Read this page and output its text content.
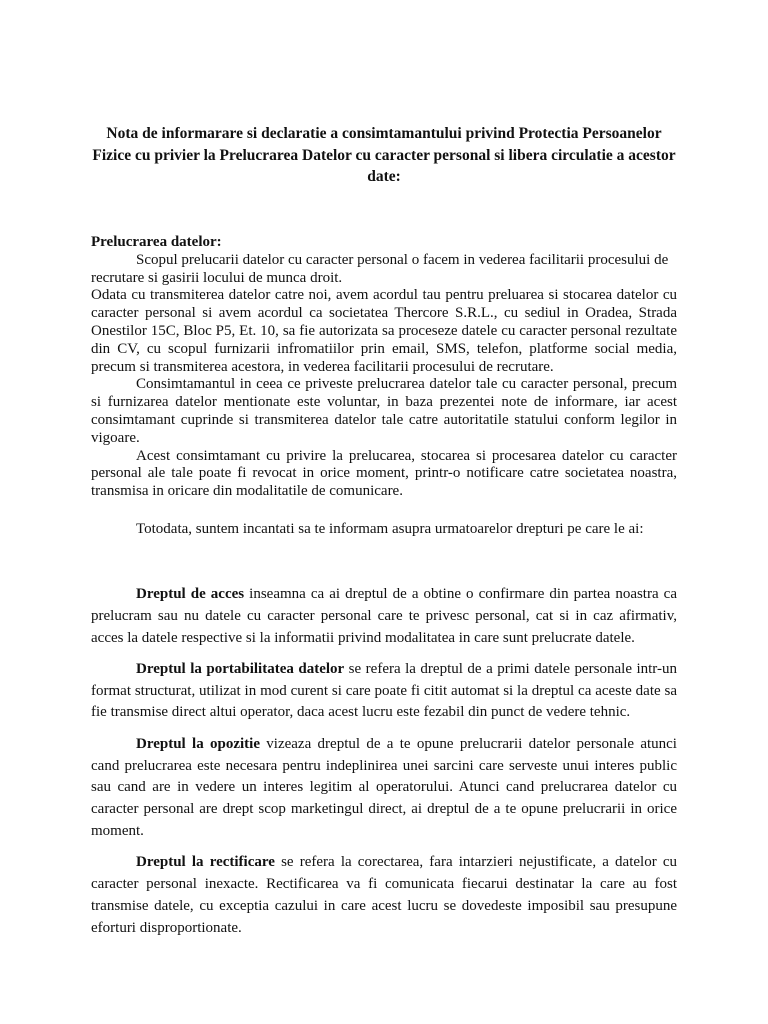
Nota de informarare si declaratie a consimtamantului privind Protectia Persoanelor
Fizice cu privier la Prelucrarea Datelor cu caracter personal si libera circulatie a acestor
date:

Prelucrarea datelor:

Scopul prelucarii datelor cu caracter personal o facem in vederea facilitarii procesului de recrutare si gasirii locului de munca droit.

Odata cu transmiterea datelor catre noi, avem acordul tau pentru preluarea si stocarea datelor cu caracter personal si avem acordul ca societatea Thercore S.R.L., cu sediul in Oradea, Strada Onestilor 15C, Bloc P5, Et. 10, sa fie autorizata sa proceseze datele cu caracter personal rezultate din CV, cu scopul furnizarii infromatiilor prin email, SMS, telefon, platforme social media, precum si transmiterea acestora, in vederea facilitarii procesului de recrutare.

Consimtamantul in ceea ce priveste prelucrarea datelor tale cu caracter personal, precum si furnizarea datelor mentionate este voluntar, in baza prezentei note de informare, iar acest consimtamant cuprinde si transmiterea datelor tale catre autoritatile statului conform legilor in vigoare.

Acest consimtamant cu privire la prelucarea, stocarea si procesarea datelor cu caracter personal ale tale poate fi revocat in orice moment, printr-o notificare catre societatea noastra, transmisa in oricare din modalitatile de comunicare.

Totodata, suntem incantati sa te informam asupra urmatoarelor drepturi pe care le ai:

Dreptul de acces inseamna ca ai dreptul de a obtine o confirmare din partea noastra ca prelucram sau nu datele cu caracter personal care te privesc personal, cat si in caz afirmativ, acces la datele respective si la informatii privind modalitatea in care sunt prelucrate datele.

Dreptul la portabilitatea datelor se refera la dreptul de a primi datele personale intr-un format structurat, utilizat in mod curent si care poate fi citit automat si la dreptul ca aceste date sa fie transmise direct altui operator, daca acest lucru este fezabil din punct de vedere tehnic.

Dreptul la opozitie vizeaza dreptul de a te opune prelucrarii datelor personale atunci cand prelucrarea este necesara pentru indeplinirea unei sarcini care serveste unui interes public sau cand are in vedere un interes legitim al operatorului. Atunci cand prelucrarea datelor cu caracter personal are drept scop marketingul direct, ai dreptul de a te opune prelucrarii in orice moment.

Dreptul la rectificare se refera la corectarea, fara intarzieri nejustificate, a datelor cu caracter personal inexacte. Rectificarea va fi comunicata fiecarui destinatar la care au fost transmise datele, cu exceptia cazului in care acest lucru se dovedeste imposibil sau presupune eforturi disproportionate.
